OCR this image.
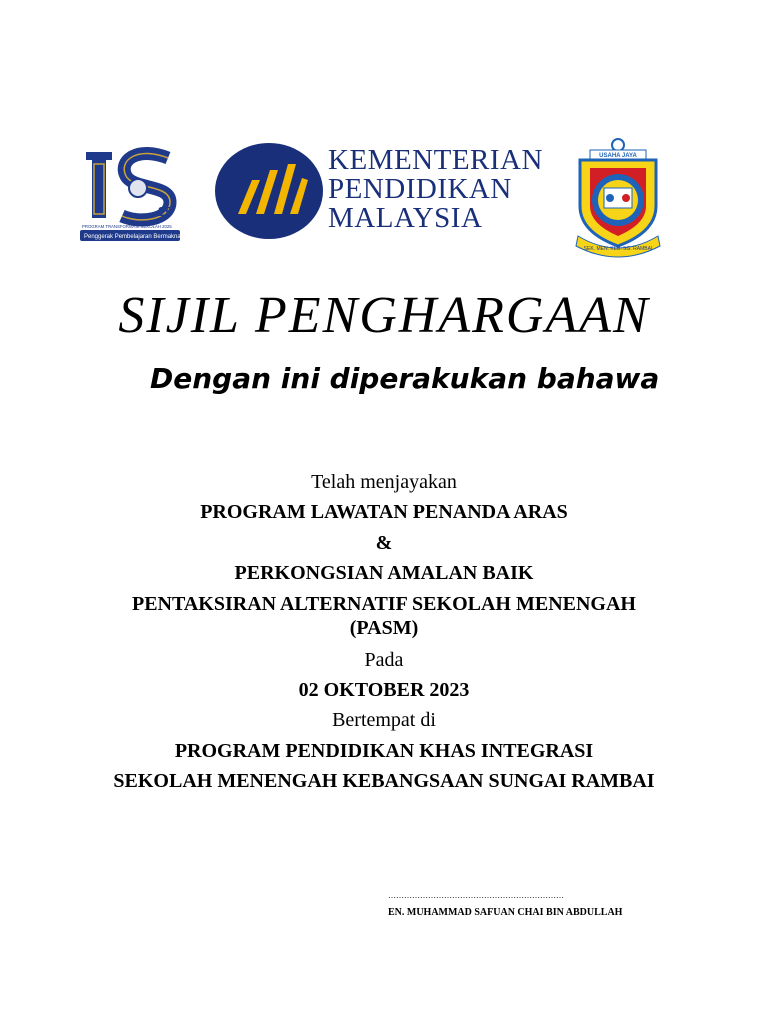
25
PROGRAM TRANSFORMASI SEKOLAH 2025
Penggerak Pembelajaran Bermakna
KEMENTERIAN
PENDIDIKAN
MALAYSIA
USAHA JAYA
SEK. MEN. KEB. SG. RAMBAI
SIJIL PENGHARGAAN
Dengan ini diperakukan bahawa
Telah menjayakan
PROGRAM LAWATAN PENANDA ARAS
&
PERKONGSIAN AMALAN BAIK
PENTAKSIRAN ALTERNATIF SEKOLAH MENENGAH
(PASM)
Pada
02 OKTOBER 2023
Bertempat di
PROGRAM PENDIDIKAN KHAS INTEGRASI
SEKOLAH MENENGAH KEBANGSAAN SUNGAI RAMBAI
…………………………………………………………
EN. MUHAMMAD SAFUAN CHAI BIN ABDULLAH
